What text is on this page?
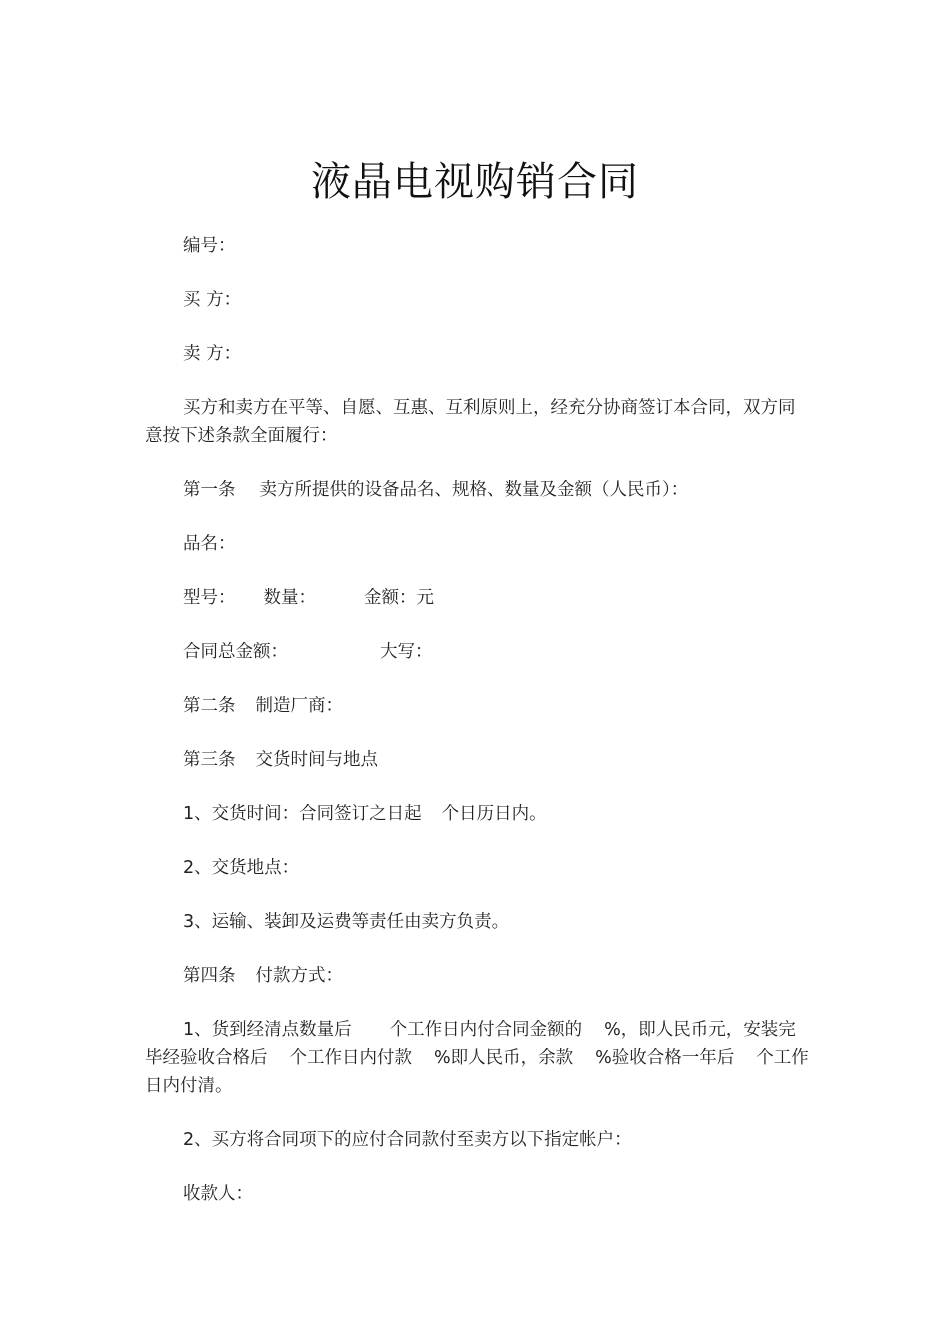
液晶电视购销合同
编号：
买 方：
卖 方：
买方和卖方在平等、自愿、互惠、互利原则上，经充分协商签订本合同，双方同意按下述条款全面履行：
第一条 卖方所提供的设备品名、规格、数量及金额（人民币）：
品名：
型号： 数量：	金额：元
合同总金额：	大写：
第二条 制造厂商：
第三条 交货时间与地点
1、交货时间：合同签订之日起 个日历日内。
2、交货地点：
3、运输、装卸及运费等责任由卖方负责。
第四条 付款方式：
1、货到经清点数量后 个工作日内付合同金额的 %，即人民币元，安装完毕经验收合格后 个工作日内付款 %即人民币，余款 %验收合格一年后 个工作日内付清。
2、买方将合同项下的应付合同款付至卖方以下指定帐户：
收款人：
